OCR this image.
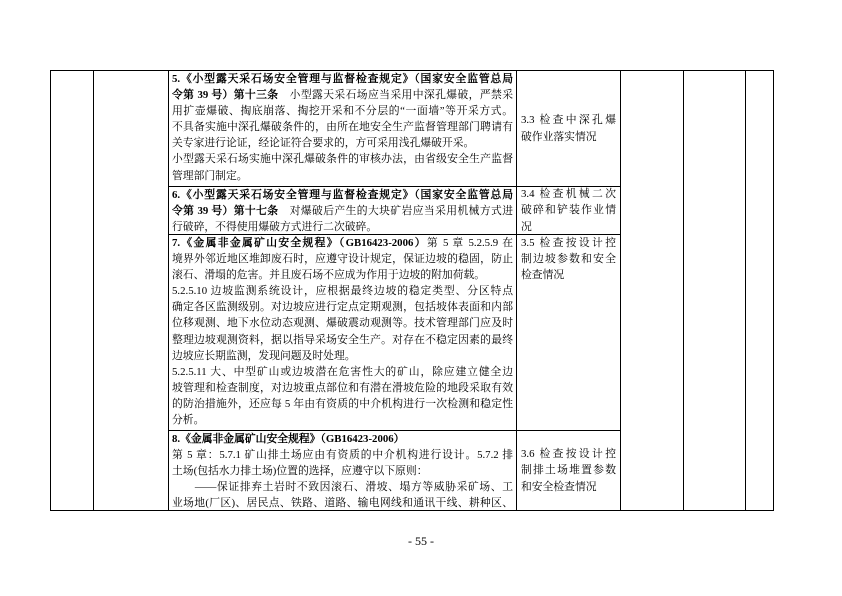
5.《小型露天采石场安全管理与监督检查规定》（国家安全监管总局
令第 39 号）第十三条　小型露天采石场应当采用中深孔爆破，严禁采
用扩壶爆破、掏底崩落、掏挖开采和不分层的“一面墙”等开采方式。
不具备实施中深孔爆破条件的，由所在地安全生产监督管理部门聘请有
关专家进行论证，经论证符合要求的，方可采用浅孔爆破开采。
小型露天采石场实施中深孔爆破条件的审核办法，由省级安全生产监督
管理部门制定。
3.3 检查中深孔爆
破作业落实情况
6.《小型露天采石场安全管理与监督检查规定》（国家安全监管总局
令第 39 号）第十七条　对爆破后产生的大块矿岩应当采用机械方式进
行破碎，不得使用爆破方式进行二次破碎。
3.4 检查机械二次
破碎和铲装作业情
况
7.《金属非金属矿山安全规程》（GB16423-2006）第 5 章 5.2.5.9 在
境界外邻近地区堆卸废石时，应遵守设计规定，保证边坡的稳固，防止
滚石、滑塌的危害。并且废石场不应成为作用于边坡的附加荷载。
5.2.5.10 边坡监测系统设计，应根据最终边坡的稳定类型、分区特点
确定各区监测级别。对边坡应进行定点定期观测，包括坡体表面和内部
位移观测、地下水位动态观测、爆破震动观测等。技术管理部门应及时
整理边坡观测资料，据以指导采场安全生产。对存在不稳定因素的最终
边坡应长期监测，发现问题及时处理。
5.2.5.11 大、中型矿山或边坡潜在危害性大的矿山，除应建立健全边
坡管理和检查制度，对边坡重点部位和有潜在滑坡危险的地段采取有效
的防治措施外，还应每 5 年由有资质的中介机构进行一次检测和稳定性
分析。
3.5 检查按设计控
制边坡参数和安全
检查情况
8.《金属非金属矿山安全规程》（GB16423-2006）
第 5 章：5.7.1 矿山排土场应由有资质的中介机构进行设计。5.7.2 排
土场(包括水力排土场)位置的选择，应遵守以下原则：
　　——保证排弃土岩时不致因滚石、滑坡、塌方等威胁采矿场、工
业场地(厂区)、居民点、铁路、道路、输电网线和通讯干线、耕种区、
3.6 检查按设计控
制排土场堆置参数
和安全检查情况
- 55 -
